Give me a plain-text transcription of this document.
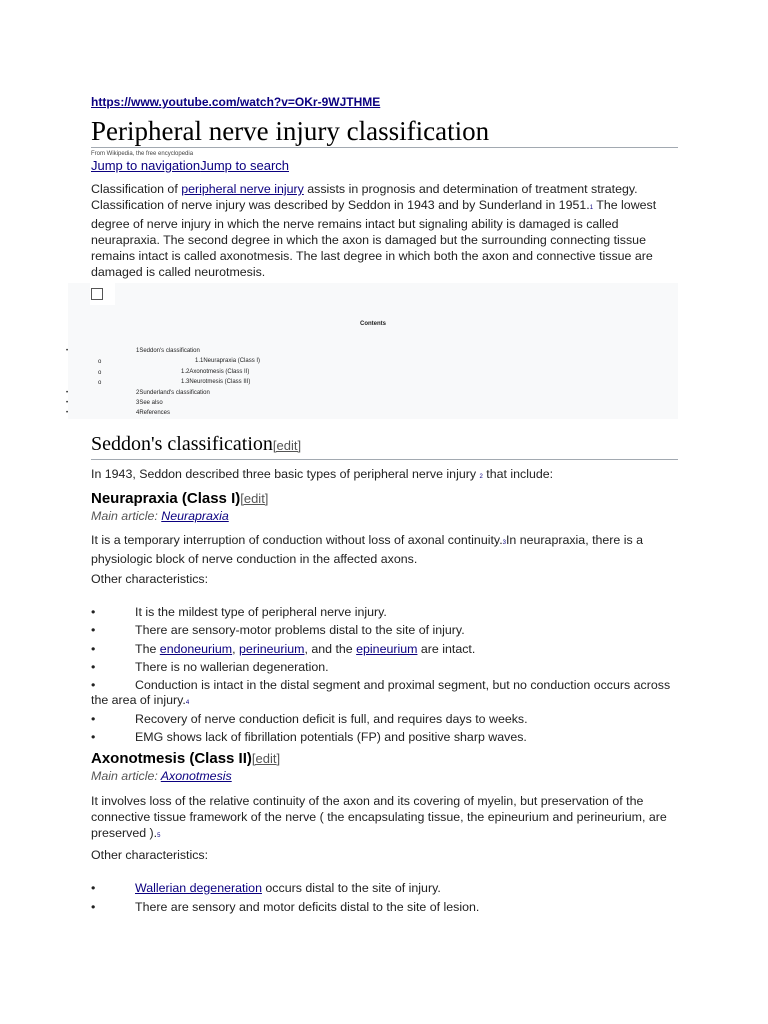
https://www.youtube.com/watch?v=OKr-9WJTHME
Peripheral nerve injury classification
From Wikipedia, the free encyclopedia
Jump to navigationJump to search
Classification of peripheral nerve injury assists in prognosis and determination of treatment strategy. Classification of nerve injury was described by Seddon in 1943 and by Sunderland in 1951.1 The lowest degree of nerve injury in which the nerve remains intact but signaling ability is damaged is called neurapraxia. The second degree in which the axon is damaged but the surrounding connecting tissue remains intact is called axonotmesis. The last degree in which both the axon and connective tissue are damaged is called neurotmesis.
Contents
•	1Seddon's classification
o	1.1Neurapraxia (Class I)
o	1.2Axonotmesis (Class II)
o	1.3Neurotmesis (Class III)
•	2Sunderland's classification
•	3See also
•	4References
Seddon's classification[edit]
In 1943, Seddon described three basic types of peripheral nerve injury 2 that include:
Neurapraxia (Class I)[edit]
Main article: Neurapraxia
It is a temporary interruption of conduction without loss of axonal continuity.3In neurapraxia, there is a physiologic block of nerve conduction in the affected axons.
Other characteristics:
•	It is the mildest type of peripheral nerve injury.
•	There are sensory-motor problems distal to the site of injury.
•	The endoneurium, perineurium, and the epineurium are intact.
•	There is no wallerian degeneration.
•	Conduction is intact in the distal segment and proximal segment, but no conduction occurs across the area of injury.4
•	Recovery of nerve conduction deficit is full, and requires days to weeks.
•	EMG shows lack of fibrillation potentials (FP) and positive sharp waves.
Axonotmesis (Class II)[edit]
Main article: Axonotmesis
It involves loss of the relative continuity of the axon and its covering of myelin, but preservation of the connective tissue framework of the nerve ( the encapsulating tissue, the epineurium and perineurium, are preserved ).5
Other characteristics:
•	Wallerian degeneration occurs distal to the site of injury.
•	There are sensory and motor deficits distal to the site of lesion.
